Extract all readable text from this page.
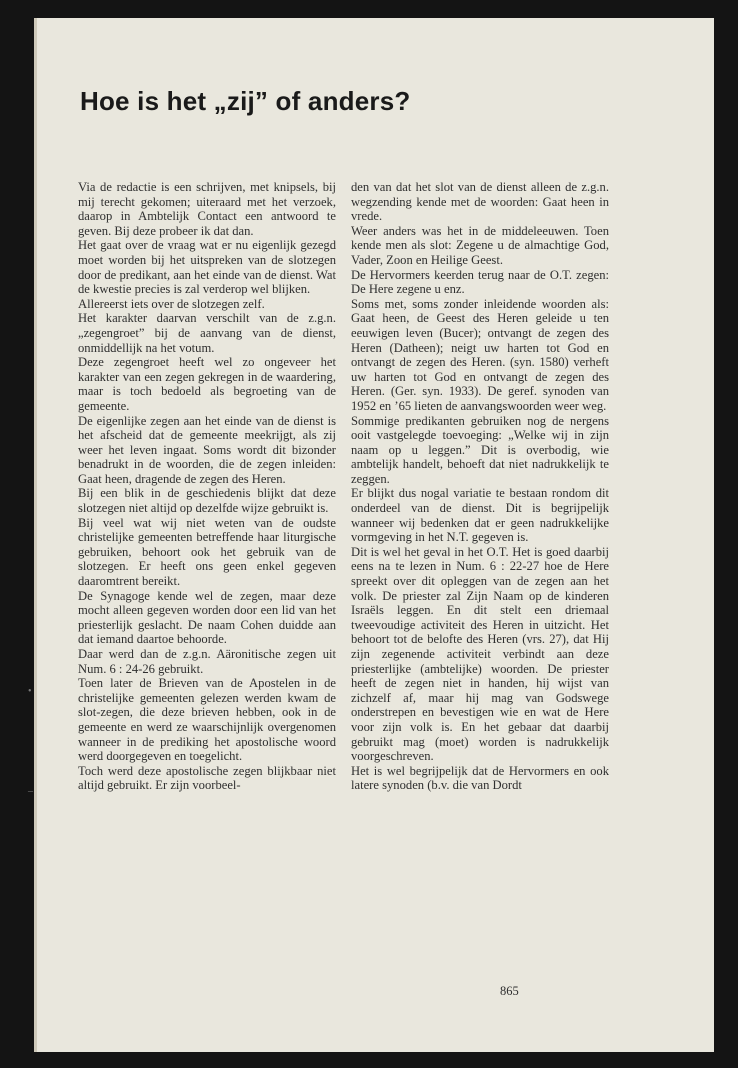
Hoe is het „zij” of anders?

Via de redactie is een schrijven, met knipsels, bij mij terecht gekomen; uiteraard met het verzoek, daarop in Ambtelijk Contact een antwoord te geven. Bij deze probeer ik dat dan.

Het gaat over de vraag wat er nu eigenlijk gezegd moet worden bij het uitspreken van de slotzegen door de predikant, aan het einde van de dienst. Wat de kwestie precies is zal verderop wel blijken.

Allereerst iets over de slotzegen zelf.

Het karakter daarvan verschilt van de z.g.n. „zegengroet” bij de aanvang van de dienst, onmiddellijk na het votum.

Deze zegengroet heeft wel zo ongeveer het karakter van een zegen gekregen in de waardering, maar is toch bedoeld als begroeting van de gemeente.

De eigenlijke zegen aan het einde van de dienst is het afscheid dat de gemeente meekrijgt, als zij weer het leven ingaat. Soms wordt dit bizonder benadrukt in de woorden, die de zegen inleiden: Gaat heen, dragende de zegen des Heren.

Bij een blik in de geschiedenis blijkt dat deze slotzegen niet altijd op dezelfde wijze gebruikt is.

Bij veel wat wij niet weten van de oudste christelijke gemeenten betreffende haar liturgische gebruiken, behoort ook het gebruik van de slotzegen. Er heeft ons geen enkel gegeven daaromtrent bereikt.

De Synagoge kende wel de zegen, maar deze mocht alleen gegeven worden door een lid van het priesterlijk geslacht. De naam Cohen duidde aan dat iemand daartoe behoorde.

Daar werd dan de z.g.n. Aäronitische zegen uit Num. 6 : 24-26 gebruikt.

Toen later de Brieven van de Apostelen in de christelijke gemeenten gelezen werden kwam de slot-zegen, die deze brieven hebben, ook in de gemeente en werd ze waarschijnlijk overgenomen wanneer in de prediking het apostolische woord werd doorgegeven en toegelicht.

Toch werd deze apostolische zegen blijkbaar niet altijd gebruikt. Er zijn voorbeel-

den van dat het slot van de dienst alleen de z.g.n. wegzending kende met de woorden: Gaat heen in vrede.

Weer anders was het in de middeleeuwen. Toen kende men als slot: Zegene u de almachtige God, Vader, Zoon en Heilige Geest.

De Hervormers keerden terug naar de O.T. zegen: De Here zegene u enz.

Soms met, soms zonder inleidende woorden als: Gaat heen, de Geest des Heren geleide u ten eeuwigen leven (Bucer); ontvangt de zegen des Heren (Datheen); neigt uw harten tot God en ontvangt de zegen des Heren. (syn. 1580) verheft uw harten tot God en ontvangt de zegen des Heren. (Ger. syn. 1933). De geref. synoden van 1952 en ’65 lieten de aanvangswoorden weer weg.

Sommige predikanten gebruiken nog de nergens ooit vastgelegde toevoeging: „Welke wij in zijn naam op u leggen.” Dit is overbodig, wie ambtelijk handelt, behoeft dat niet nadrukkelijk te zeggen.

Er blijkt dus nogal variatie te bestaan rondom dit onderdeel van de dienst. Dit is begrijpelijk wanneer wij bedenken dat er geen nadrukkelijke vormgeving in het N.T. gegeven is.

Dit is wel het geval in het O.T. Het is goed daarbij eens na te lezen in Num. 6 : 22-27 hoe de Here spreekt over dit opleggen van de zegen aan het volk. De priester zal Zijn Naam op de kinderen Israëls leggen. En dit stelt een driemaal tweevoudige activiteit des Heren in uitzicht. Het behoort tot de belofte des Heren (vrs. 27), dat Hij zijn zegenende activiteit verbindt aan deze priesterlijke (ambtelijke) woorden. De priester heeft de zegen niet in handen, hij wijst van zichzelf af, maar hij mag van Godswege onderstrepen en bevestigen wie en wat de Here voor zijn volk is. En het gebaar dat daarbij gebruikt mag (moet) worden is nadrukkelijk voorgeschreven.

Het is wel begrijpelijk dat de Hervormers en ook latere synoden (b.v. die van Dordt

865
•
–
